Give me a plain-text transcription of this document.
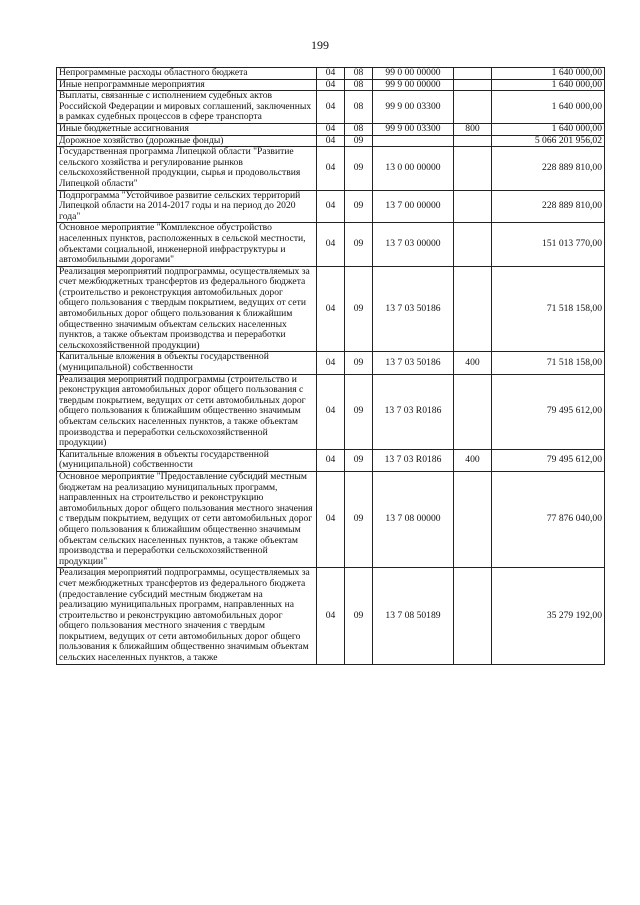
199
Непрограммные расходы областного бюджета	04	08	99 0 00 00000		1 640 000,00
Иные непрограммные мероприятия	04	08	99 9 00 00000		1 640 000,00
Выплаты, связанные с исполнением судебных актов Российской Федерации и мировых соглашений, заключенных в рамках судебных процессов в сфере транспорта	04	08	99 9 00 03300		1 640 000,00
Иные бюджетные ассигнования	04	08	99 9 00 03300	800	1 640 000,00
Дорожное хозяйство (дорожные фонды)	04	09			5 066 201 956,02
Государственная программа Липецкой области "Развитие сельского хозяйства и регулирование рынков сельскохозяйственной продукции, сырья и продовольствия Липецкой области"	04	09	13 0 00 00000		228 889 810,00
Подпрограмма "Устойчивое развитие сельских территорий Липецкой области на 2014-2017 годы и на период до 2020 года"	04	09	13 7 00 00000		228 889 810,00
Основное мероприятие "Комплексное обустройство населенных пунктов, расположенных в сельской местности, объектами социальной, инженерной инфраструктуры и автомобильными дорогами"	04	09	13 7 03 00000		151 013 770,00
Реализация мероприятий подпрограммы, осуществляемых за счет межбюджетных трансфертов из федерального бюджета (строительство и реконструкция автомобильных дорог общего пользования с твердым покрытием, ведущих от сети автомобильных дорог общего пользования к ближайшим общественно значимым объектам сельских населенных пунктов, а также объектам производства и переработки сельскохозяйственной продукции)	04	09	13 7 03 50186		71 518 158,00
Капитальные вложения в объекты государственной (муниципальной) собственности	04	09	13 7 03 50186	400	71 518 158,00
Реализация мероприятий подпрограммы (строительство и реконструкция автомобильных дорог общего пользования с твердым покрытием, ведущих от сети автомобильных дорог общего пользования к ближайшим общественно значимым объектам сельских населенных пунктов, а также объектам производства и переработки сельскохозяйственной продукции)	04	09	13 7 03 R0186		79 495 612,00
Капитальные вложения в объекты государственной (муниципальной) собственности	04	09	13 7 03 R0186	400	79 495 612,00
Основное мероприятие "Предоставление субсидий местным бюджетам на реализацию муниципальных программ, направленных на строительство и реконструкцию автомобильных дорог общего пользования местного значения с твердым покрытием, ведущих от сети автомобильных дорог общего пользования к ближайшим общественно значимым объектам сельских населенных пунктов, а также объектам производства и переработки сельскохозяйственной продукции"	04	09	13 7 08 00000		77 876 040,00
Реализация мероприятий подпрограммы, осуществляемых за счет межбюджетных трансфертов из федерального бюджета (предоставление субсидий местным бюджетам на реализацию муниципальных программ, направленных на строительство и реконструкцию автомобильных дорог общего пользования местного значения с твердым покрытием, ведущих от сети автомобильных дорог общего пользования к ближайшим общественно значимым объектам сельских населенных пунктов, а также	04	09	13 7 08 50189		35 279 192,00
